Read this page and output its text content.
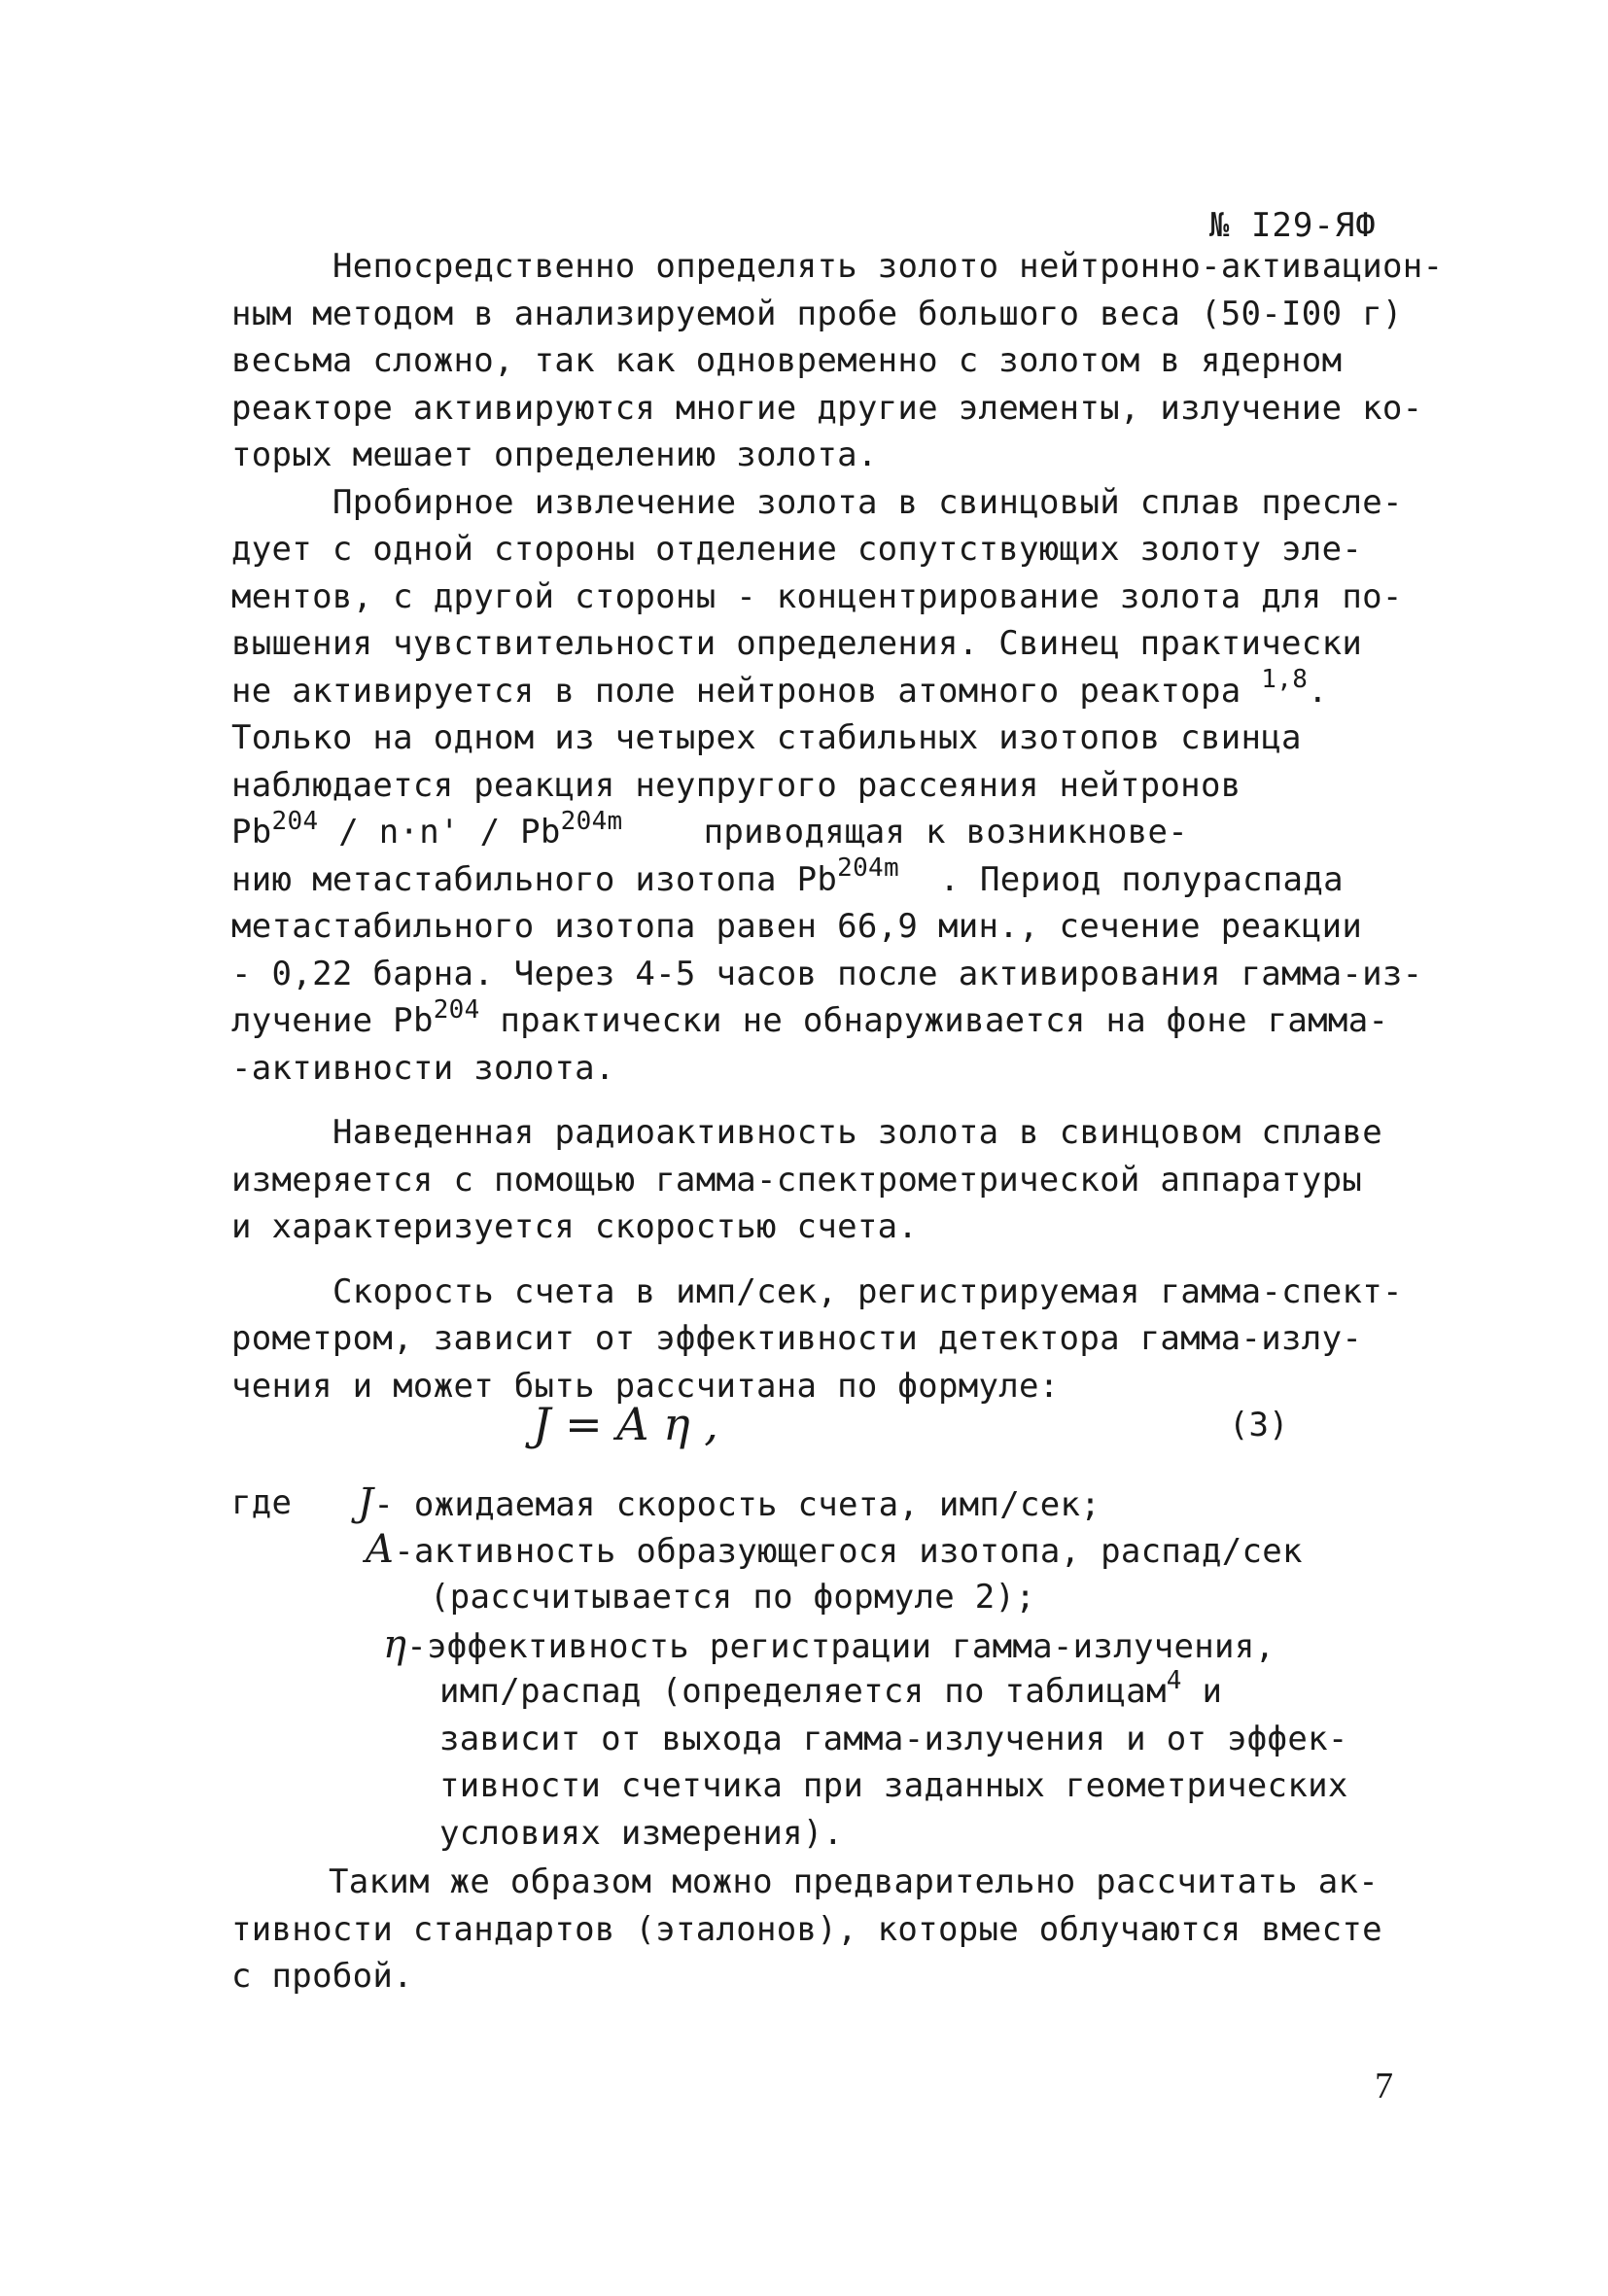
№ I29-ЯФ
Непосредственно определять золото нейтронно-активацион-
ным методом в анализируемой пробе большого веса (50-I00 г)
весьма сложно, так как одновременно с золотом в ядерном
реакторе активируются многие другие элементы, излучение ко-
торых мешает определению золота.
Пробирное извлечение золота в свинцовый сплав пресле-
дует с одной стороны отделение сопутствующих золоту эле-
ментов, с другой стороны - концентрирование золота для по-
вышения чувствительности определения. Свинец практически
не активируется в поле нейтронов атомного реактора $^{1,8}$.
Только на одном из четырех стабильных изотопов свинца
наблюдается реакция неупругого рассеяния нейтронов
$Pb^{204} / n\cdot n' / Pb^{204m}$    приводящая к возникнове-
нию метастабильного изотопа $Pb^{204m}$  . Период полураспада
метастабильного изотопа равен 66,9 мин., сечение реакции
- 0,22 барна. Через 4-5 часов после активирования гамма-из-
лучение Pb$^{204}$ практически не обнаруживается на фоне гамма-
-активности золота.
Наведенная радиоактивность золота в свинцовом сплаве
измеряется с помощью гамма-спектрометрической аппаратуры
и характеризуется скоростью счета.
Скорость счета в имп/сек, регистрируемая гамма-спект-
рометром, зависит от эффективности детектора гамма-излу-
чения и может быть рассчитана по формуле:
J = A η ,	(3)
где J- ожидаемая скорость счета, имп/сек;
A-активность образующегося изотопа, распад/сек
(рассчитывается по формуле 2);
η-эффективность регистрации гамма-излучения,
имп/распад (определяется по таблицам$^4$ и
зависит от выхода гамма-излучения и от эффек-
тивности счетчика при заданных геометрических
условиях измерения).
Таким же образом можно предварительно рассчитать ак-
тивности стандартов (эталонов), которые облучаются вместе
с пробой.
7
